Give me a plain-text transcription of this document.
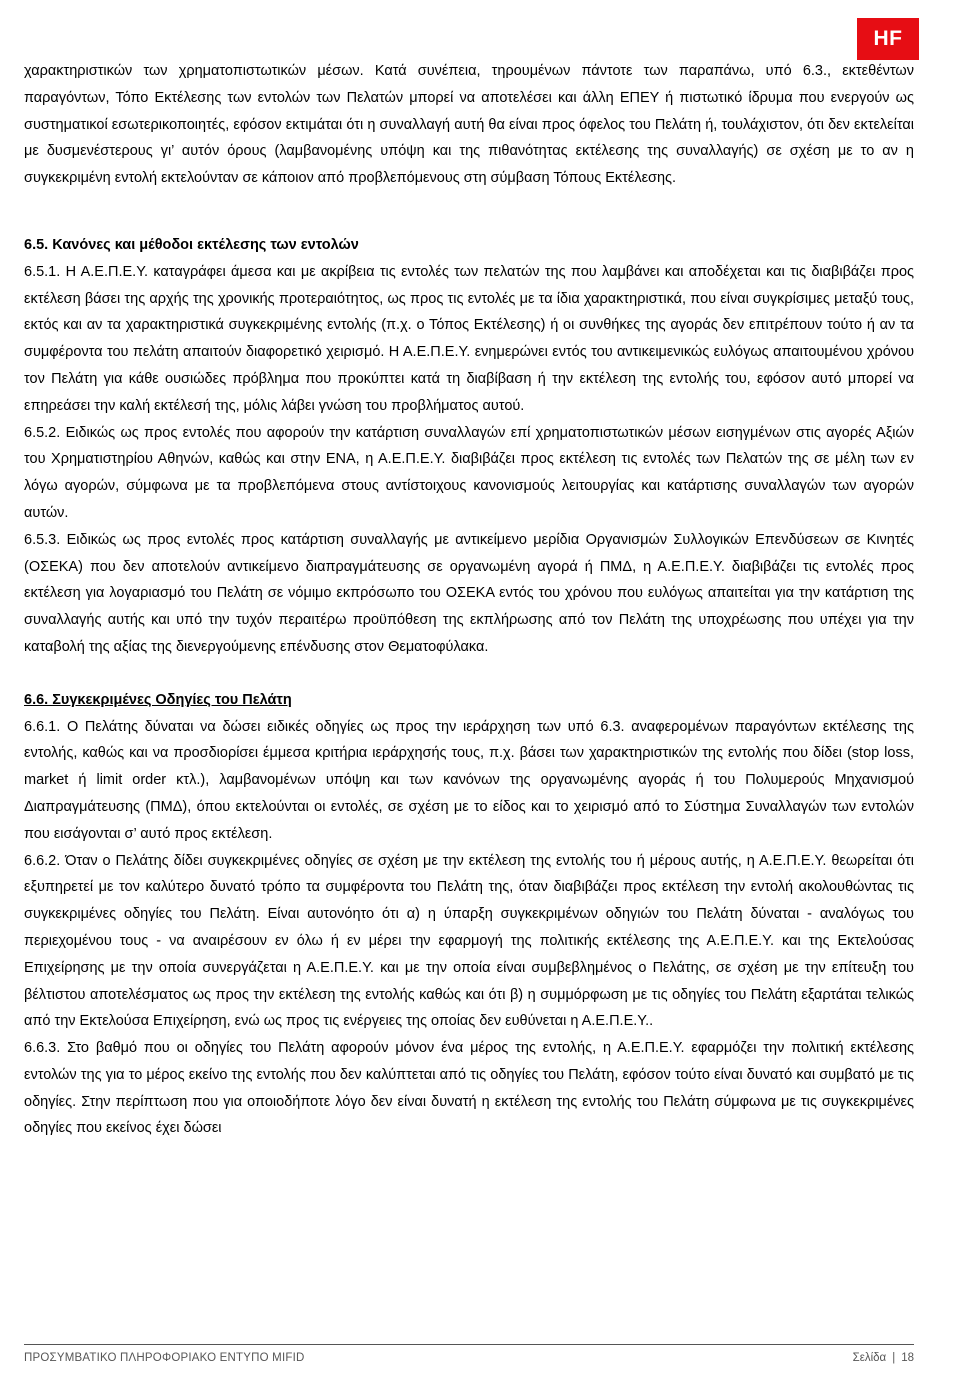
HF

χαρακτηριστικών των χρηματοπιστωτικών μέσων. Κατά συνέπεια, τηρουμένων πάντοτε των παραπάνω, υπό 6.3., εκτεθέντων παραγόντων, Τόπο Εκτέλεσης των εντολών των Πελατών μπορεί να αποτελέσει και άλλη ΕΠΕΥ ή πιστωτικό ίδρυμα που ενεργούν ως συστηματικοί εσωτερικοποιητές, εφόσον εκτιμάται ότι η συναλλαγή αυτή θα είναι προς όφελος του Πελάτη ή, τουλάχιστον, ότι δεν εκτελείται με δυσμενέστερους γι’ αυτόν όρους (λαμβανομένης υπόψη και της πιθανότητας εκτέλεσης της συναλλαγής) σε σχέση με το αν η συγκεκριμένη εντολή εκτελούνταν σε κάποιον από προβλεπόμενους στη σύμβαση Τόπους Εκτέλεσης.

6.5. Κανόνες και μέθοδοι εκτέλεσης των εντολών

6.5.1. Η Α.Ε.Π.Ε.Υ. καταγράφει άμεσα και με ακρίβεια τις εντολές των πελατών της που λαμβάνει και αποδέχεται και τις διαβιβάζει προς εκτέλεση βάσει της αρχής της χρονικής προτεραιότητος, ως προς τις εντολές με τα ίδια χαρακτηριστικά, που είναι συγκρίσιμες μεταξύ τους, εκτός και αν τα χαρακτηριστικά συγκεκριμένης εντολής (π.χ. ο Τόπος Εκτέλεσης) ή οι συνθήκες της αγοράς δεν επιτρέπουν τούτο ή αν τα συμφέροντα του πελάτη απαιτούν διαφορετικό χειρισμό. Η Α.Ε.Π.Ε.Υ. ενημερώνει εντός του αντικειμενικώς ευλόγως απαιτουμένου χρόνου τον Πελάτη για κάθε ουσιώδες πρόβλημα που προκύπτει κατά τη διαβίβαση ή την εκτέλεση της εντολής του, εφόσον αυτό μπορεί να επηρεάσει την καλή εκτέλεσή της, μόλις λάβει γνώση του προβλήματος αυτού.

6.5.2. Ειδικώς ως προς εντολές που αφορούν την κατάρτιση συναλλαγών επί χρηματοπιστωτικών μέσων εισηγμένων στις αγορές Αξιών του Χρηματιστηρίου Αθηνών, καθώς και στην ΕΝΑ, η Α.Ε.Π.Ε.Υ. διαβιβάζει προς εκτέλεση τις εντολές των Πελατών της σε μέλη των εν λόγω αγορών, σύμφωνα με τα προβλεπόμενα στους αντίστοιχους κανονισμούς λειτουργίας και κατάρτισης συναλλαγών των αγορών αυτών.

6.5.3. Ειδικώς ως προς εντολές προς κατάρτιση συναλλαγής με αντικείμενο μερίδια Οργανισμών Συλλογικών Επενδύσεων σε Κινητές (ΟΣΕΚΑ) που δεν αποτελούν αντικείμενο διαπραγμάτευσης σε οργανωμένη αγορά ή ΠΜΔ, η Α.Ε.Π.Ε.Υ. διαβιβάζει τις εντολές προς εκτέλεση για λογαριασμό του Πελάτη σε νόμιμο εκπρόσωπο του ΟΣΕΚΑ εντός του χρόνου που ευλόγως απαιτείται για την κατάρτιση της συναλλαγής αυτής και υπό την τυχόν περαιτέρω προϋπόθεση της εκπλήρωσης από τον Πελάτη της υποχρέωσης που υπέχει για την καταβολή της αξίας της διενεργούμενης επένδυσης στον Θεματοφύλακα.

6.6. Συγκεκριμένες Οδηγίες του Πελάτη

6.6.1. Ο Πελάτης δύναται να δώσει ειδικές οδηγίες ως προς την ιεράρχηση των υπό 6.3. αναφερομένων παραγόντων εκτέλεσης της εντολής, καθώς και να προσδιορίσει έμμεσα κριτήρια ιεράρχησής τους, π.χ. βάσει των χαρακτηριστικών της εντολής που δίδει (stop loss, market ή limit order κτλ.), λαμβανομένων υπόψη και των κανόνων της οργανωμένης αγοράς ή του Πολυμερούς Μηχανισμού Διαπραγμάτευσης (ΠΜΔ), όπου εκτελούνται οι εντολές, σε σχέση με το είδος και το χειρισμό από το Σύστημα Συναλλαγών των εντολών που εισάγονται σ’ αυτό προς εκτέλεση.

6.6.2. Όταν ο Πελάτης δίδει συγκεκριμένες οδηγίες σε σχέση με την εκτέλεση της εντολής του ή μέρους αυτής, η Α.Ε.Π.Ε.Υ. θεωρείται ότι εξυπηρετεί με τον καλύτερο δυνατό τρόπο τα συμφέροντα του Πελάτη της, όταν διαβιβάζει προς εκτέλεση την εντολή ακολουθώντας τις συγκεκριμένες οδηγίες του Πελάτη. Είναι αυτονόητο ότι α) η ύπαρξη συγκεκριμένων οδηγιών του Πελάτη δύναται - αναλόγως του περιεχομένου τους - να αναιρέσουν εν όλω ή εν μέρει την εφαρμογή της πολιτικής εκτέλεσης της Α.Ε.Π.Ε.Υ. και της Εκτελούσας Επιχείρησης με την οποία συνεργάζεται η Α.Ε.Π.Ε.Υ. και με την οποία είναι συμβεβλημένος ο Πελάτης, σε σχέση με την επίτευξη του βέλτιστου αποτελέσματος ως προς την εκτέλεση της εντολής καθώς και ότι β) η συμμόρφωση με τις οδηγίες του Πελάτη εξαρτάται τελικώς από την Εκτελούσα Επιχείρηση, ενώ ως προς τις ενέργειες της οποίας δεν ευθύνεται η Α.Ε.Π.Ε.Υ..

6.6.3. Στο βαθμό που οι οδηγίες του Πελάτη αφορούν μόνον ένα μέρος της εντολής, η Α.Ε.Π.Ε.Υ. εφαρμόζει την πολιτική εκτέλεσης εντολών της για το μέρος εκείνο της εντολής που δεν καλύπτεται από τις οδηγίες του Πελάτη, εφόσον τούτο είναι δυνατό και συμβατό με τις οδηγίες. Στην περίπτωση που για οποιοδήποτε λόγο δεν είναι δυνατή η εκτέλεση της εντολής του Πελάτη σύμφωνα με τις συγκεκριμένες οδηγίες που εκείνος έχει δώσει

ΠΡΟΣΥΜΒΑΤΙΚΟ ΠΛΗΡΟΦΟΡΙΑΚΟ ΕΝΤΥΠΟ MIFID	Σελίδα | 18
